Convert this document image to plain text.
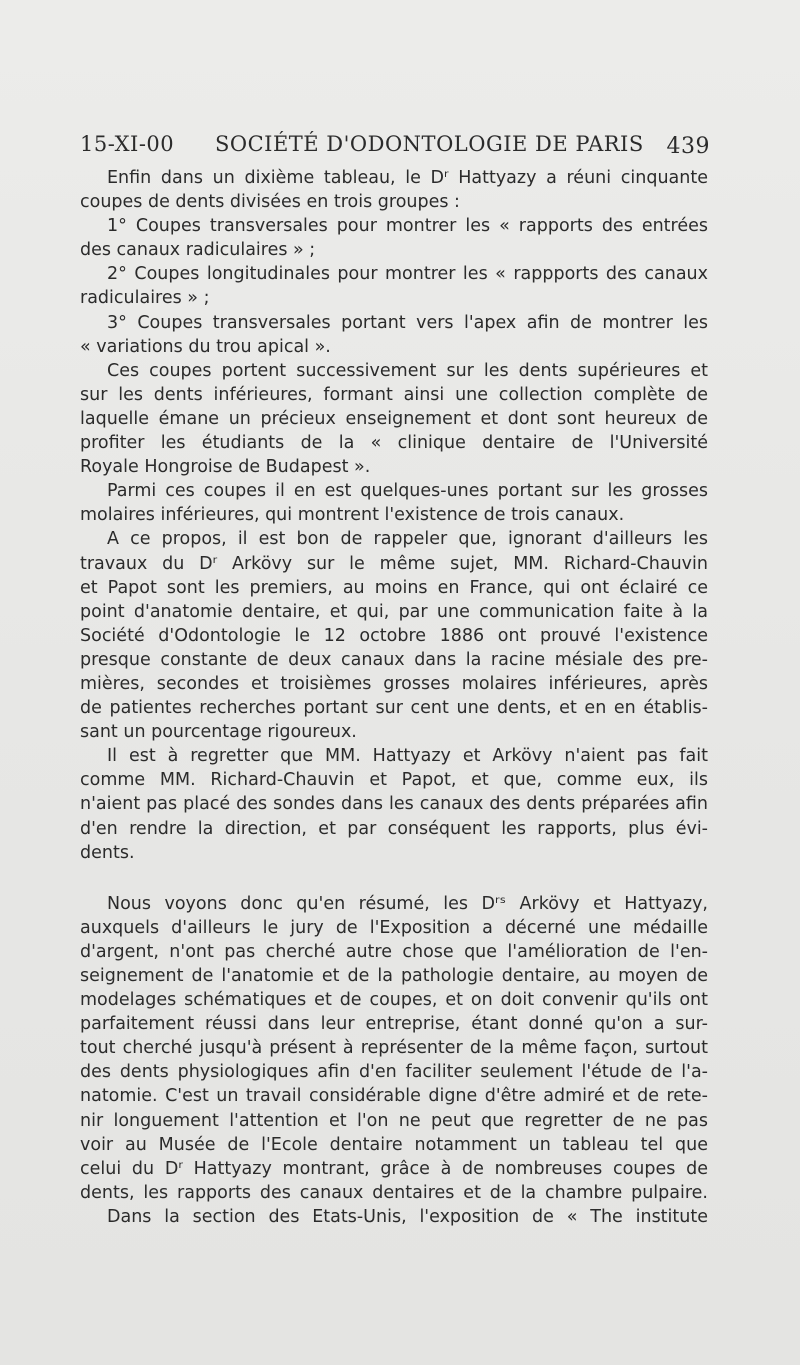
15-XI-00 SOCIÉTÉ D'ODONTOLOGIE DE PARIS 439
Enfin dans un dixième tableau, le Dʳ Hattyazy a réuni cinquante
coupes de dents divisées en trois groupes :
1° Coupes transversales pour montrer les « rapports des entrées
des canaux radiculaires » ;
2° Coupes longitudinales pour montrer les « rappports des canaux
radiculaires » ;
3° Coupes transversales portant vers l'apex afin de montrer les
« variations du trou apical ».
Ces coupes portent successivement sur les dents supérieures et
sur les dents inférieures, formant ainsi une collection complète de
laquelle émane un précieux enseignement et dont sont heureux de
profiter les étudiants de la « clinique dentaire de l'Université
Royale Hongroise de Budapest ».
Parmi ces coupes il en est quelques-unes portant sur les grosses
molaires inférieures, qui montrent l'existence de trois canaux.
A ce propos, il est bon de rappeler que, ignorant d'ailleurs les
travaux du Dʳ Arkövy sur le même sujet, MM. Richard-Chauvin
et Papot sont les premiers, au moins en France, qui ont éclairé ce
point d'anatomie dentaire, et qui, par une communication faite à la
Société d'Odontologie le 12 octobre 1886 ont prouvé l'existence
presque constante de deux canaux dans la racine mésiale des pre-
mières, secondes et troisièmes grosses molaires inférieures, après
de patientes recherches portant sur cent une dents, et en en établis-
sant un pourcentage rigoureux.
Il est à regretter que MM. Hattyazy et Arkövy n'aient pas fait
comme MM. Richard-Chauvin et Papot, et que, comme eux, ils
n'aient pas placé des sondes dans les canaux des dents préparées afin
d'en rendre la direction, et par conséquent les rapports, plus évi-
dents.
Nous voyons donc qu'en résumé, les Dʳˢ Arkövy et Hattyazy,
auxquels d'ailleurs le jury de l'Exposition a décerné une médaille
d'argent, n'ont pas cherché autre chose que l'amélioration de l'en-
seignement de l'anatomie et de la pathologie dentaire, au moyen de
modelages schématiques et de coupes, et on doit convenir qu'ils ont
parfaitement réussi dans leur entreprise, étant donné qu'on a sur-
tout cherché jusqu'à présent à représenter de la même façon, surtout
des dents physiologiques afin d'en faciliter seulement l'étude de l'a-
natomie. C'est un travail considérable digne d'être admiré et de rete-
nir longuement l'attention et l'on ne peut que regretter de ne pas
voir au Musée de l'Ecole dentaire notamment un tableau tel que
celui du Dʳ Hattyazy montrant, grâce à de nombreuses coupes de
dents, les rapports des canaux dentaires et de la chambre pulpaire.
Dans la section des Etats-Unis, l'exposition de « The institute
